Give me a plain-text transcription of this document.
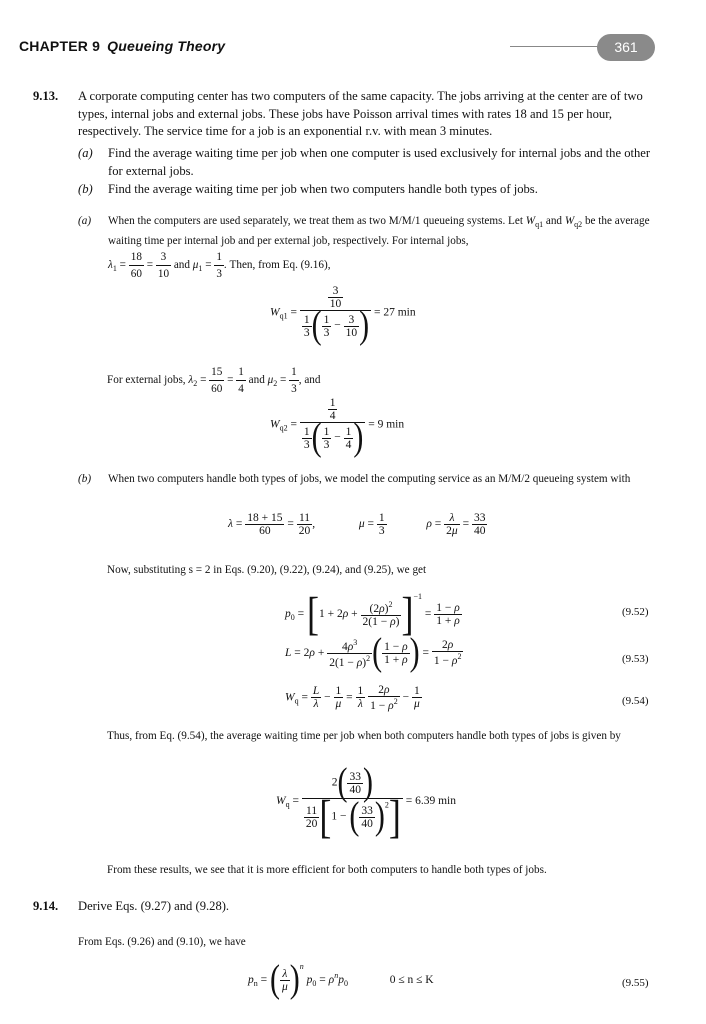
CHAPTER 9 Queueing Theory	361
9.13. A corporate computing center has two computers of the same capacity. The jobs arriving at the center are of two types, internal jobs and external jobs. These jobs have Poisson arrival times with rates 18 and 15 per hour, respectively. The service time for a job is an exponential r.v. with mean 3 minutes.
(a) Find the average waiting time per job when one computer is used exclusively for internal jobs and the other for external jobs.
(b) Find the average waiting time per job when two computers handle both types of jobs.
(a) When the computers are used separately, we treat them as two M/M/1 queueing systems. Let $W_{q1}$ and $W_{q2}$ be the average waiting time per internal job and per external job, respectively. For internal jobs,
$\lambda_1 = \frac{18}{60} = \frac{3}{10}$ and $\mu_1 = \frac{1}{3}$ . Then, from Eq. (9.16),
$W_{q1} = \frac{\frac{3}{10}}{\frac{1}{3} ( \frac{1}{3} - \frac{3}{10} )} = 27$ min
For external jobs, $\lambda_2 = \frac{15}{60} = \frac{1}{4}$ and $\mu_2 = \frac{1}{3}$ , and
$W_{q2} = \frac{\frac{1}{4}}{\frac{1}{3} ( \frac{1}{3} - \frac{1}{4} )} = 9$ min
(b) When two computers handle both types of jobs, we model the computing service as an M/M/2 queueing system with
$\lambda = \frac{18 + 15}{60} = \frac{11}{20}$ ,	$\mu = \frac{1}{3}$	$\rho = \frac{\lambda}{2\mu} = \frac{33}{40}$
Now, substituting s = 2 in Eqs. (9.20), (9.22), (9.24), and (9.25), we get
$p_0 = [1 + 2\rho + \frac{(2\rho)^2}{2(1 - \rho)} ]^{-1} = \frac{1 - \rho}{1 + \rho}$	(9.52)
$L = 2\rho + \frac{4\rho^3}{2(1 - \rho)^2}$ ( $\frac{1 - \rho}{1 + \rho}$ ) = $\frac{2\rho}{1 - \rho^2}$	(9.53)
$W_q = \frac{L}{\lambda} - \frac{1}{\mu} = \frac{1}{\lambda}$
$\frac{2\rho}{1 - \rho^2} - \frac{1}{\mu}$	(9.54)
Thus, from Eq. (9.54), the average waiting time per job when both computers handle both types of jobs is given by
$W_q = \frac{2( \frac{33}{40} )}{\frac{11}{20} [1 - ( \frac{33}{40} )^2]} = 6.39$ min
From these results, we see that it is more efficient for both computers to handle both types of jobs.
9.14. Derive Eqs. (9.27) and (9.28).
From Eqs. (9.26) and (9.10), we have
$p_n$ = ( $\frac{\lambda}{\mu} )^n$ $p_0 = \rho^np_0$	0 ≤ n ≤ K	(9.55)
